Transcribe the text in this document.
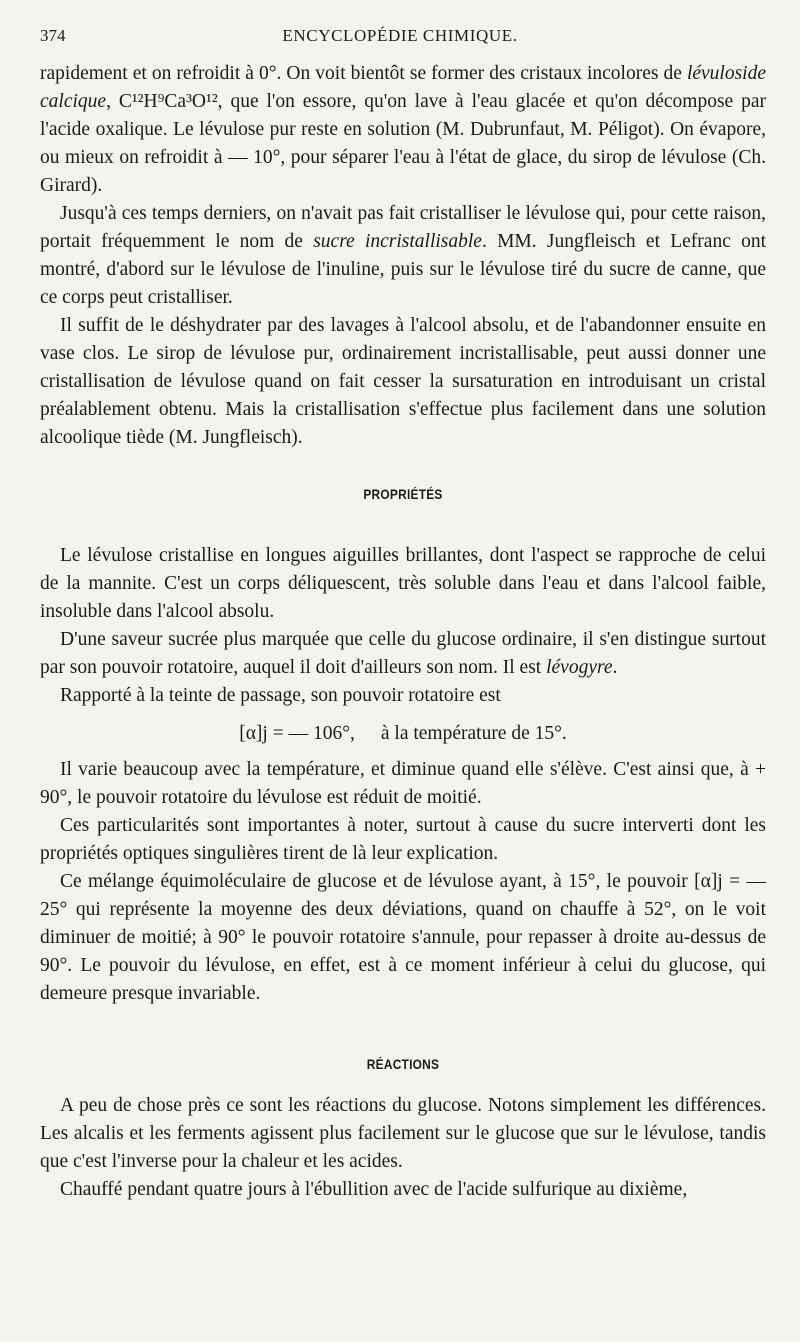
374	ENCYCLOPÉDIE CHIMIQUE.

rapidement et on refroidit à 0°. On voit bientôt se former des cristaux incolores de lévuloside calcique, C¹²H⁹Ca³O¹², que l'on essore, qu'on lave à l'eau glacée et qu'on décompose par l'acide oxalique. Le lévulose pur reste en solution (M. Dubrunfaut, M. Péligot). On évapore, ou mieux on refroidit à — 10°, pour séparer l'eau à l'état de glace, du sirop de lévulose (Ch. Girard).

Jusqu'à ces temps derniers, on n'avait pas fait cristalliser le lévulose qui, pour cette raison, portait fréquemment le nom de sucre incristallisable. MM. Jungfleisch et Lefranc ont montré, d'abord sur le lévulose de l'inuline, puis sur le lévulose tiré du sucre de canne, que ce corps peut cristalliser.

Il suffit de le déshydrater par des lavages à l'alcool absolu, et de l'abandonner ensuite en vase clos. Le sirop de lévulose pur, ordinairement incristallisable, peut aussi donner une cristallisation de lévulose quand on fait cesser la sursaturation en introduisant un cristal préalablement obtenu. Mais la cristallisation s'effectue plus facilement dans une solution alcoolique tiède (M. Jungfleisch).

PROPRIÉTÉS

Le lévulose cristallise en longues aiguilles brillantes, dont l'aspect se rapproche de celui de la mannite. C'est un corps déliquescent, très soluble dans l'eau et dans l'alcool faible, insoluble dans l'alcool absolu.

D'une saveur sucrée plus marquée que celle du glucose ordinaire, il s'en distingue surtout par son pouvoir rotatoire, auquel il doit d'ailleurs son nom. Il est lévogyre.

Rapporté à la teinte de passage, son pouvoir rotatoire est

[α]j = — 106°, à la température de 15°.

Il varie beaucoup avec la température, et diminue quand elle s'élève. C'est ainsi que, à + 90°, le pouvoir rotatoire du lévulose est réduit de moitié.

Ces particularités sont importantes à noter, surtout à cause du sucre interverti dont les propriétés optiques singulières tirent de là leur explication.

Ce mélange équimoléculaire de glucose et de lévulose ayant, à 15°, le pouvoir [α]j = — 25° qui représente la moyenne des deux déviations, quand on chauffe à 52°, on le voit diminuer de moitié; à 90° le pouvoir rotatoire s'annule, pour repasser à droite au-dessus de 90°. Le pouvoir du lévulose, en effet, est à ce moment inférieur à celui du glucose, qui demeure presque invariable.

RÉACTIONS

A peu de chose près ce sont les réactions du glucose. Notons simplement les différences. Les alcalis et les ferments agissent plus facilement sur le glucose que sur le lévulose, tandis que c'est l'inverse pour la chaleur et les acides.

Chauffé pendant quatre jours à l'ébullition avec de l'acide sulfurique au dixième,
